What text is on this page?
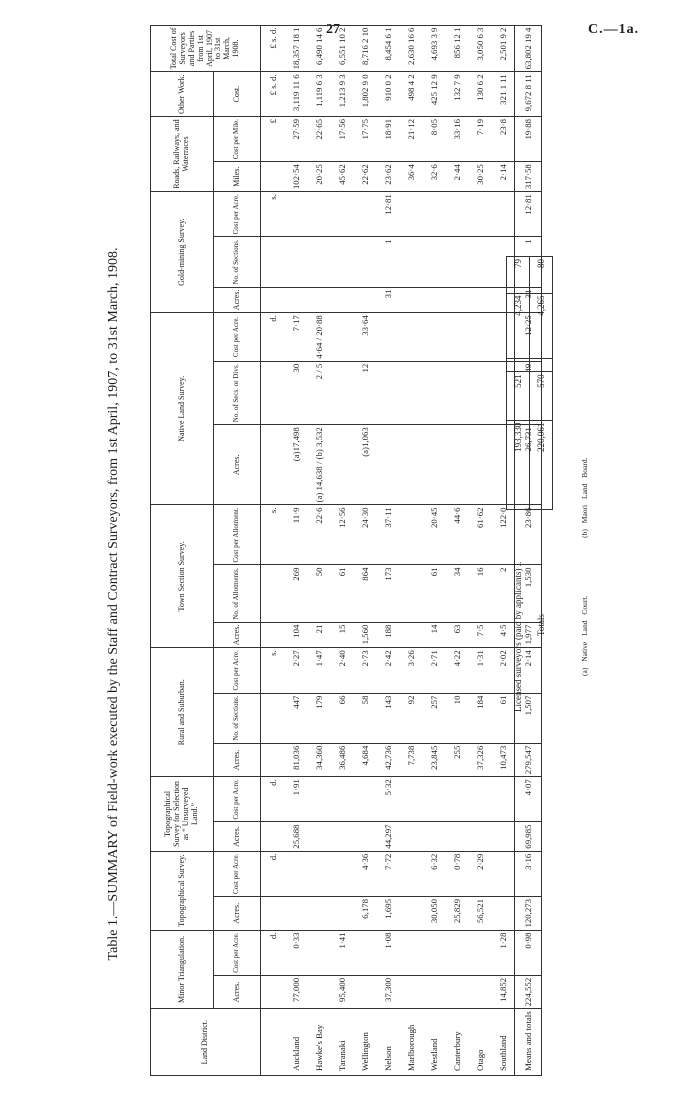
27	C.—1a.
Table 1.—SUMMARY of Field-work executed by the Staff and Contract Surveyors, from 1st April, 1907, to 31st March, 1908.
Land District.	Minor Triangulation.		Topographical Survey.		Topographical Survey for Selection as “ Unsurveyed Land.”		Rural and Suburban.			Town Section Survey.			Native Land Survey.			Gold-mining Survey.			Roads, Railways, and Waterraces		Other Work.	Total Cost of Surveyors and Parties from 1st April, 1907 to 31st March, 1908.
	Acres.	Cost per Acre.	Acres.	Cost per Acre.	Acres.	Cost per Acre.	Acres.	No. of Sections.	Cost per Acre.	Acres.	No. of Allotments.	Cost per Allotment.	Acres.	No. of Secs. or Divs.	Cost per Acre.	Acres.	No. of Sections.	Cost per Acre.	Miles.	Cost per Mile.	Cost.	
		d.		d.		d.			s.			s.			d.			s.		£	£ s. d.	£ s. d.
Auckland	77,000	0·33			25,688	1·91	81,036	447	2·27	104	269	11·9	(a)17,498	30	7·17				102·54	27·59	3,119 11 6	18,357 18 1
Hawke's Bay							34,360	179	1·47	21	50	22·6	(a) 14,638 / (b) 3,532	2 / 5	4·64 / 20·88				20·25	22·65	1,119 6 3	6,490 14 6
Taranaki	95,400	1·41					36,486	66	2·40	15	61	12·56							45·62	17·56	1,213 9 3	6,551 10 2
Wellington			6,178	4·36			4,684	58	2·73	1,560	864	24·30	(a)1,063	12	33·64				22·62	17·75	1,802 9 0	8,716 2 10
Nelson	37,300	1·08	1,695	7·72	44,297	5·32	42,736	143	2·42	188	173	37·11				31	1	12·81	23·62	18·91	910 0 2	8,454 6 1
Marlborough							7,738	92	3·26										36·4	21·12	498 4 2	2,630 16 6
Westland			30,050	6·32			23,845	257	2·71	14	61	20·45							32·6	8·05	425 12 9	4,693 3 9
Canterbury			25,829	0·78			255	10	4·22	63	34	44·6							2·44	33·16	132 7 9	856 12 1
Otago			56,521	2·29			37,326	184	1·31	7·5	16	61·62							30·25	7·19	130 6 2	3,050 6 3
Southland	14,852	1·28					10,473	61	2·02	4·5	2	122·0							2·14	23·8	321 1 11	2,501 9 2
Means and totals	224,552	0·98	120,273	3·16	69,985	4·07	279,547	1,507	2·14	1,977	1,530	23·86	26,731	49	12·25	31	1	12·81	317·58	19·88	9,672 8 11	63,802 19 4
Licensed surveyors (paid by applicants) ..	193,330	521		4,234	79
Totals	220,061	570		4,265	80
(a) Native Land Court. (b) Maori Land Board.
